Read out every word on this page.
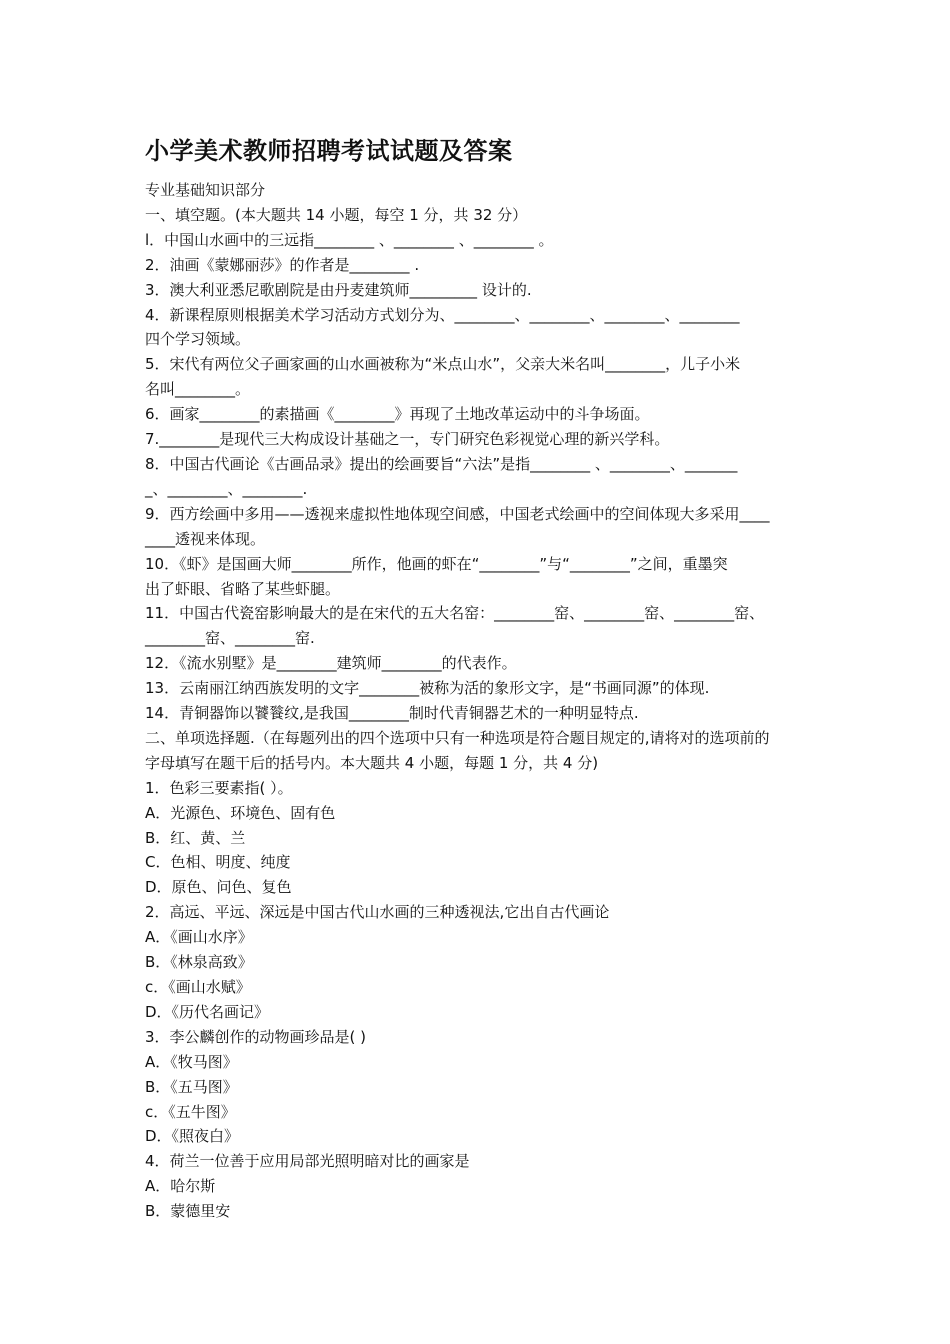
小学美术教师招聘考试试题及答案
专业基础知识部分
一、填空题。(本大题共 14 小题，每空 1 分，共 32 分）
l．中国山水画中的三远指________ 、________ 、________ 。
2．油画《蒙娜丽莎》的作者是________ .
3．澳大利亚悉尼歌剧院是由丹麦建筑师_________ 设计的.
4．新课程原则根据美术学习活动方式划分为、________、________、________、________
四个学习领域。
5．宋代有两位父子画家画的山水画被称为“米点山水”，父亲大米名叫________，儿子小米
名叫________。
6．画家________的素描画《________》再现了土地改革运动中的斗争场面。
7.________是现代三大构成设计基础之一，专门研究色彩视觉心理的新兴学科。
8．中国古代画论《古画品录》提出的绘画要旨“六法”是指________ 、________、_______
_、________、________.
9．西方绘画中多用——透视来虚拟性地体现空间感，中国老式绘画中的空间体现大多采用____
____透视来体现。
10．《虾》是国画大师________所作，他画的虾在“________”与“________”之间，重墨突
出了虾眼、省略了某些虾腿。
11．中国古代瓷窑影响最大的是在宋代的五大名窑：________窑、________窑、________窑、
________窑、________窑.
12．《流水别墅》是________建筑师________的代表作。
13．云南丽江纳西族发明的文字________被称为活的象形文字，是“书画同源”的体现.
14．青铜器饰以饕餮纹,是我国________制时代青铜器艺术的一种明显特点.
二、单项选择题.（在每题列出的四个选项中只有一种选项是符合题目规定的,请将对的选项前的
字母填写在题干后的括号内。本大题共 4 小题，每题 1 分，共 4 分)
1．色彩三要素指( ）。
A．光源色、环境色、固有色
B．红、黄、兰
C．色相、明度、纯度
D．原色、问色、复色
2．高远、平远、深远是中国古代山水画的三种透视法,它出自古代画论
A．《画山水序》
B．《林泉高致》
c．《画山水赋》
D．《历代名画记》
3．李公麟创作的动物画珍品是( )
A．《牧马图》
B．《五马图》
c．《五牛图》
D．《照夜白》
4．荷兰一位善于应用局部光照明暗对比的画家是
A．哈尔斯
B．蒙德里安
